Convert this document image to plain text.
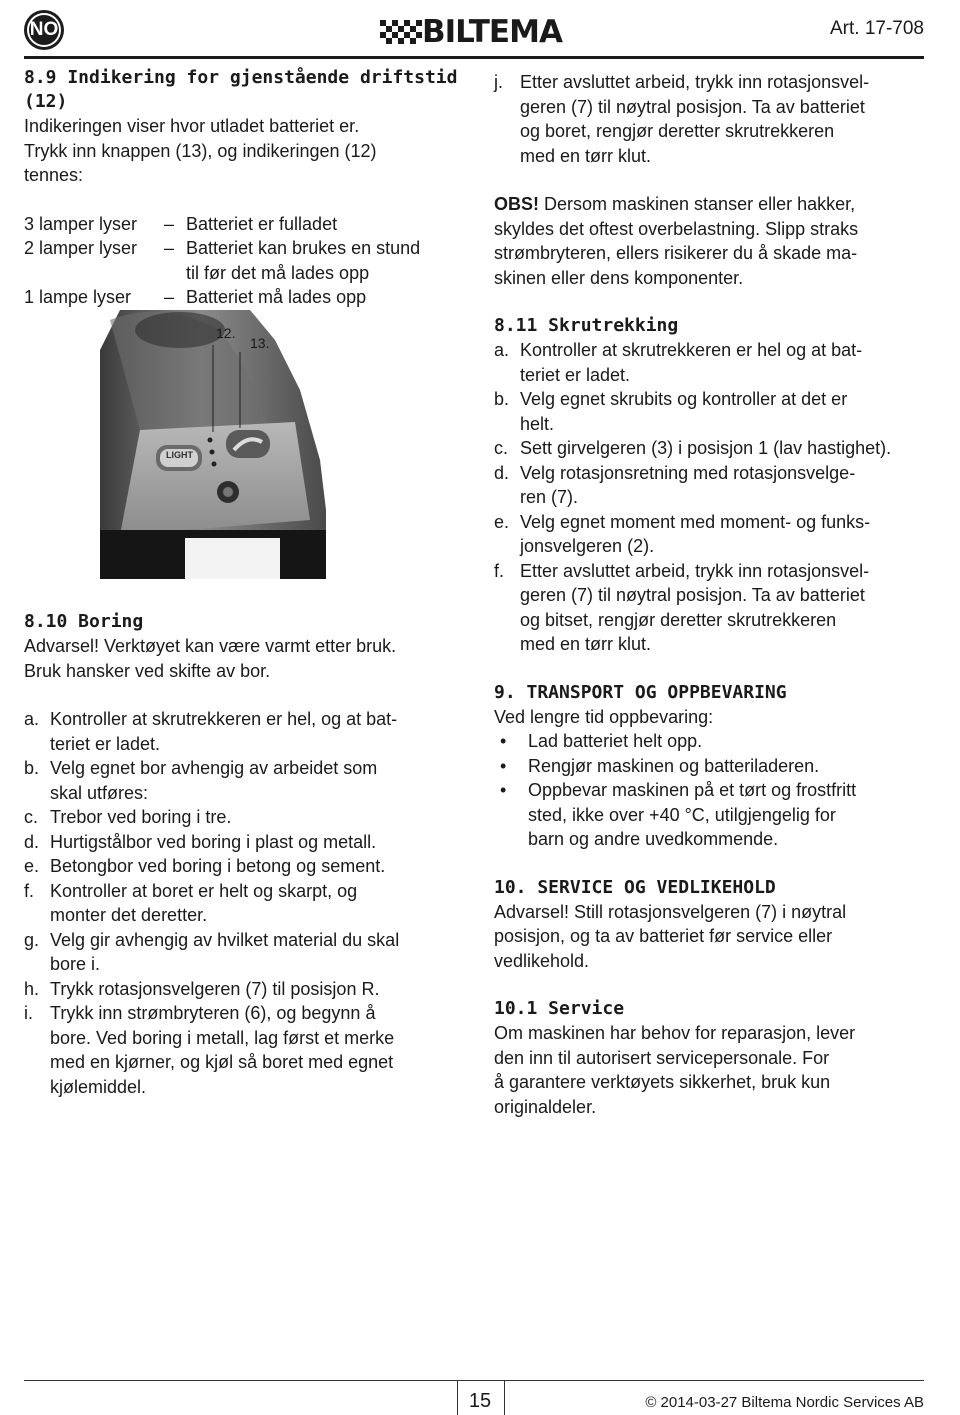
NO	BILTEMA	Art. 17-708
8.9 Indikering for gjenstående driftstid (12)
Indikeringen viser hvor utladet batteriet er.
Trykk inn knappen (13), og indikeringen (12)
tennes:
3 lamper lyser	– Batteriet er fulladet
2 lamper lyser	– Batteriet kan brukes en stund
til før det må lades opp
1 lampe lyser	– Batteriet må lades opp
12.
13.
LIGHT
8.10 Boring
Advarsel! Verktøyet kan være varmt etter bruk.
Bruk hansker ved skifte av bor.
a. Kontroller at skrutrekkeren er hel, og at bat-
teriet er ladet.
b. Velg egnet bor avhengig av arbeidet som
skal utføres:
c. Trebor ved boring i tre.
d. Hurtigstålbor ved boring i plast og metall.
e. Betongbor ved boring i betong og sement.
f. Kontroller at boret er helt og skarpt, og
monter det deretter.
g. Velg gir avhengig av hvilket material du skal
bore i.
h. Trykk rotasjonsvelgeren (7) til posisjon R.
i. Trykk inn strømbryteren (6), og begynn å
bore. Ved boring i metall, lag først et merke
med en kjørner, og kjøl så boret med egnet
kjølemiddel.
j. Etter avsluttet arbeid, trykk inn rotasjonsvel-
geren (7) til nøytral posisjon. Ta av batteriet
og boret, rengjør deretter skrutrekkeren
med en tørr klut.
OBS! Dersom maskinen stanser eller hakker,
skyldes det oftest overbelastning. Slipp straks
strømbryteren, ellers risikerer du å skade ma-
skinen eller dens komponenter.
8.11 Skrutrekking
a. Kontroller at skrutrekkeren er hel og at bat-
teriet er ladet.
b. Velg egnet skrubits og kontroller at det er
helt.
c. Sett girvelgeren (3) i posisjon 1 (lav hastighet).
d. Velg rotasjonsretning med rotasjonsvelge-
ren (7).
e. Velg egnet moment med moment- og funks-
jonsvelgeren (2).
f. Etter avsluttet arbeid, trykk inn rotasjonsvel-
geren (7) til nøytral posisjon. Ta av batteriet
og bitset, rengjør deretter skrutrekkeren
med en tørr klut.
9. TRANSPORT OG OPPBEVARING
Ved lengre tid oppbevaring:
•	Lad batteriet helt opp.
•	Rengjør maskinen og batteriladeren.
•	Oppbevar maskinen på et tørt og frostfritt
sted, ikke over +40 °C, utilgjengelig for
barn og andre uvedkommende.
10. SERVICE OG VEDLIKEHOLD
Advarsel! Still rotasjonsvelgeren (7) i nøytral
posisjon, og ta av batteriet før service eller
vedlikehold.
10.1 Service
Om maskinen har behov for reparasjon, lever
den inn til autorisert servicepersonale. For
å garantere verktøyets sikkerhet, bruk kun
originaldeler.
15	© 2014-03-27 Biltema Nordic Services AB
